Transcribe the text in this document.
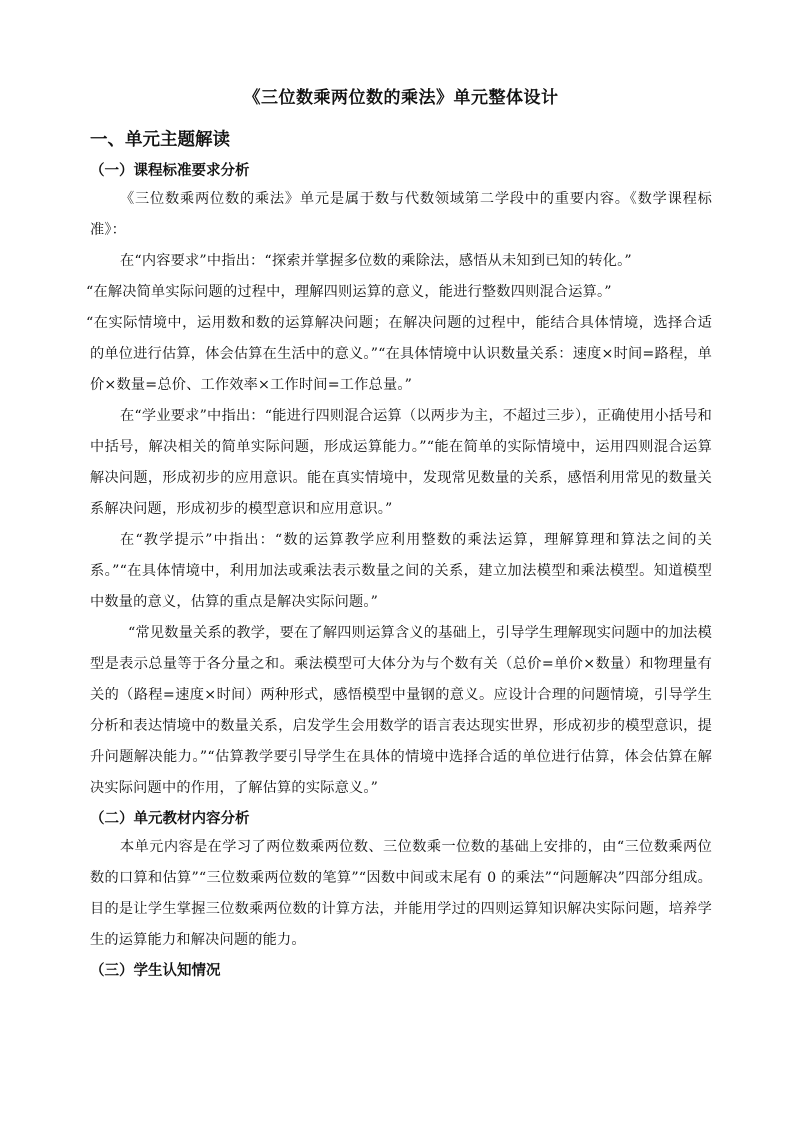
《三位数乘两位数的乘法》单元整体设计
一、单元主题解读
（一）课程标准要求分析

《三位数乘两位数的乘法》单元是属于数与代数领域第二学段中的重要内容。《数学课程标准》：

在“内容要求”中指出：“探索并掌握多位数的乘除法，感悟从未知到已知的转化。”

“在解决简单实际问题的过程中，理解四则运算的意义，能进行整数四则混合运算。”

“在实际情境中，运用数和数的运算解决问题；在解决问题的过程中，能结合具体情境，选择合适的单位进行估算，体会估算在生活中的意义。”“在具体情境中认识数量关系：速度×时间=路程，单价×数量=总价、工作效率×工作时间=工作总量。”

在“学业要求”中指出：“能进行四则混合运算（以两步为主，不超过三步），正确使用小括号和中括号，解决相关的简单实际问题，形成运算能力。”“能在简单的实际情境中，运用四则混合运算解决问题，形成初步的应用意识。能在真实情境中，发现常见数量的关系，感悟利用常见的数量关系解决问题，形成初步的模型意识和应用意识。”

在“教学提示”中指出：“数的运算教学应利用整数的乘法运算，理解算理和算法之间的关系。”“在具体情境中，利用加法或乘法表示数量之间的关系，建立加法模型和乘法模型。知道模型中数量的意义，估算的重点是解决实际问题。”

“常见数量关系的教学，要在了解四则运算含义的基础上，引导学生理解现实问题中的加法模型是表示总量等于各分量之和。乘法模型可大体分为与个数有关（总价=单价×数量）和物理量有关的（路程=速度×时间）两种形式，感悟模型中量钢的意义。应设计合理的问题情境，引导学生分析和表达情境中的数量关系，启发学生会用数学的语言表达现实世界，形成初步的模型意识，提升问题解决能力。”“估算教学要引导学生在具体的情境中选择合适的单位进行估算，体会估算在解决实际问题中的作用，了解估算的实际意义。”

（二）单元教材内容分析

本单元内容是在学习了两位数乘两位数、三位数乘一位数的基础上安排的，由“三位数乘两位数的口算和估算”“三位数乘两位数的笔算”“因数中间或末尾有 0 的乘法”“问题解决”四部分组成。目的是让学生掌握三位数乘两位数的计算方法，并能用学过的四则运算知识解决实际问题，培养学生的运算能力和解决问题的能力。

（三）学生认知情况
